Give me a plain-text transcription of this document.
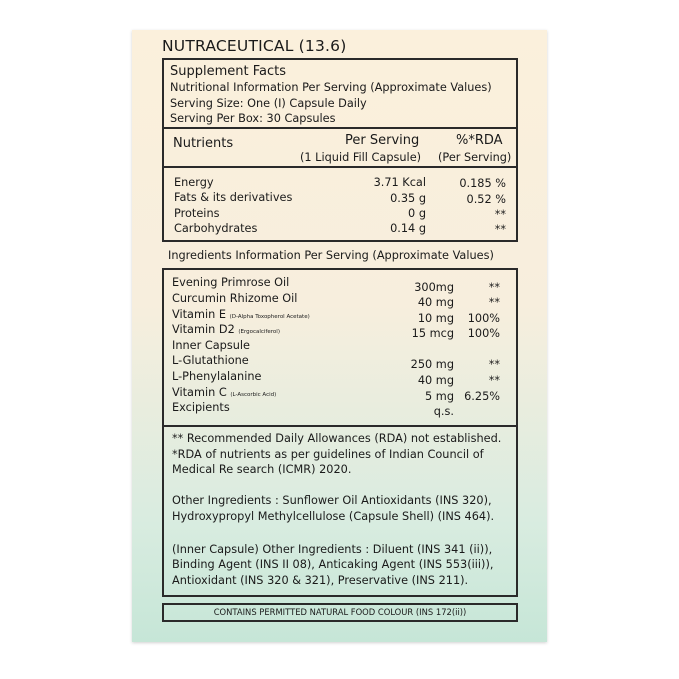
NUTRACEUTICAL (13.6)
Supplement Facts
Nutritional Information Per Serving (Approximate Values)
Serving Size: One (I) Capsule Daily
Serving Per Box: 30 Capsules
Nutrients	Per Serving
(1 Liquid Fill Capsule)
%*RDA
(Per Serving)
Energy	3.71 Kcal	0.185 %
Fats & its derivatives	0.35 g	0.52 %
Proteins	0 g	**
Carbohydrates	0.14 g	**
Ingredients Information Per Serving (Approximate Values)
Evening Primrose Oil	300mg	**
Curcumin Rhizome Oil	40 mg	**
Vitamin E (D-Alpha Toxopherol Acetate)	10 mg	100%
Vitamin D2 (Ergocalciferol)	15 mcg	100%
Inner Capsule
L-Glutathione	250 mg	**
L-Phenylalanine	40 mg	**
Vitamin C (L-Ascorbic Acid)	5 mg 6.25%
Excipients	q.s.
** Recommended Daily Allowances (RDA) not established.
*RDA of nutrients as per guidelines of Indian Council of
Medical Re search (ICMR) 2020.
Other Ingredients : Sunflower Oil Antioxidants (INS 320),
Hydroxypropyl Methylcellulose (Capsule Shell) (INS 464).
(Inner Capsule) Other Ingredients : Diluent (INS 341 (ii)),
Binding Agent (INS II 08), Anticaking Agent (INS 553(iii)),
Antioxidant (INS 320 & 321), Preservative (INS 211).
CONTAINS PERMITTED NATURAL FOOD COLOUR (INS 172(ii))
